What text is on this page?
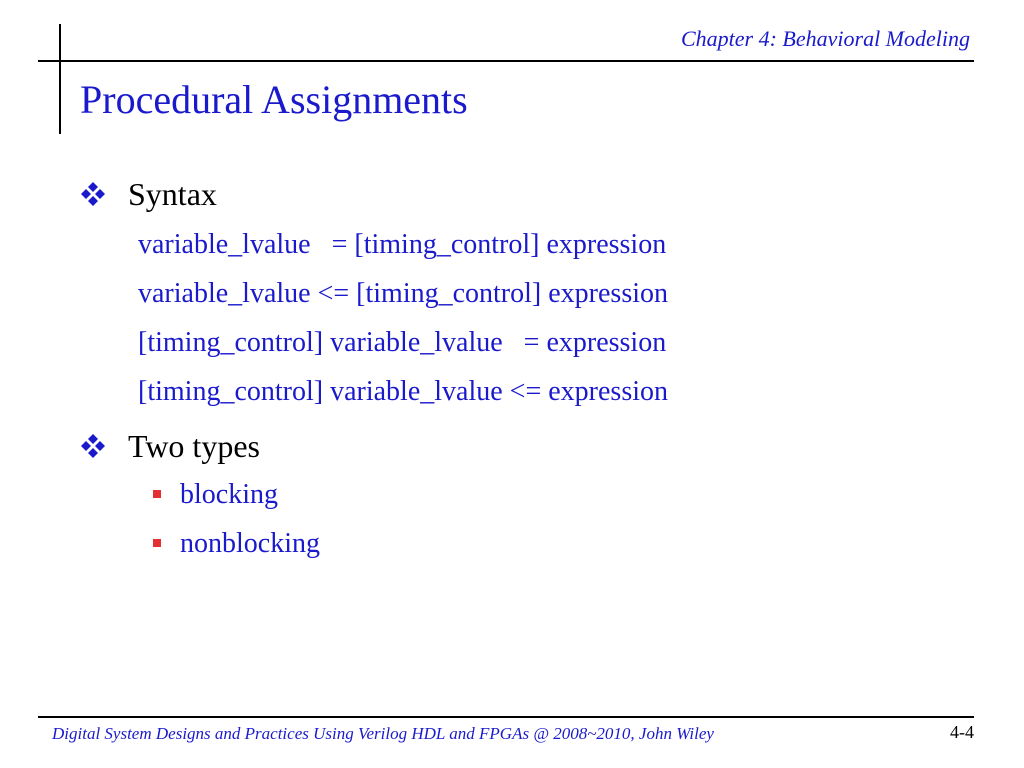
Chapter 4: Behavioral Modeling
Procedural Assignments
Syntax
variable_lvalue   = [timing_control] expression
variable_lvalue <= [timing_control] expression
[timing_control] variable_lvalue   = expression
[timing_control] variable_lvalue <= expression
Two types
blocking
nonblocking
Digital System Designs and Practices Using Verilog HDL and FPGAs @ 2008~2010, John Wiley	4-4
